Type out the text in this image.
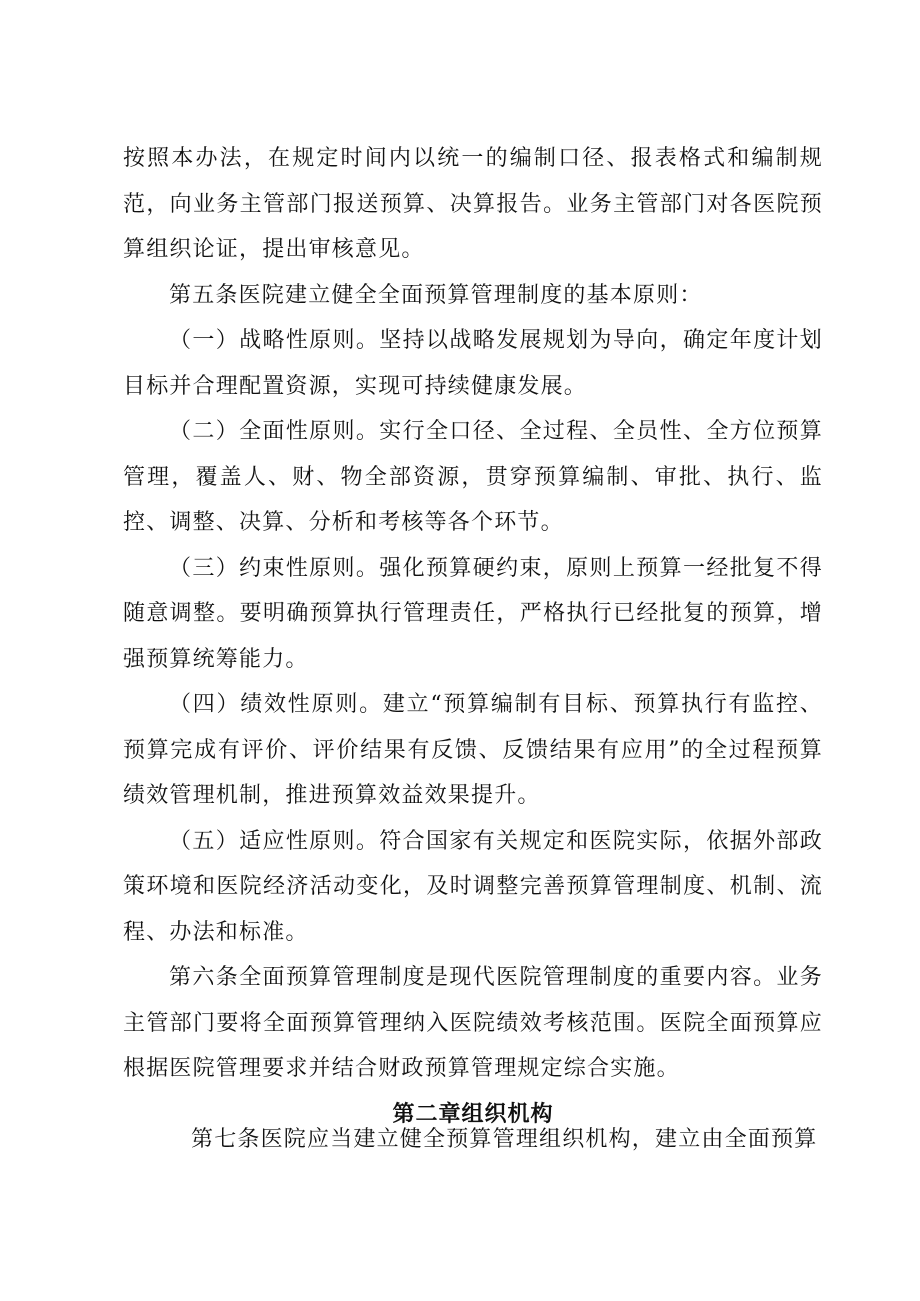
按照本办法，在规定时间内以统一的编制口径、报表格式和编制规范，向业务主管部门报送预算、决算报告。业务主管部门对各医院预算组织论证，提出审核意见。

第五条医院建立健全全面预算管理制度的基本原则：

（一）战略性原则。坚持以战略发展规划为导向，确定年度计划目标并合理配置资源，实现可持续健康发展。

（二）全面性原则。实行全口径、全过程、全员性、全方位预算管理，覆盖人、财、物全部资源，贯穿预算编制、审批、执行、监控、调整、决算、分析和考核等各个环节。

（三）约束性原则。强化预算硬约束，原则上预算一经批复不得随意调整。要明确预算执行管理责任，严格执行已经批复的预算，增强预算统筹能力。

（四）绩效性原则。建立“预算编制有目标、预算执行有监控、预算完成有评价、评价结果有反馈、反馈结果有应用”的全过程预算绩效管理机制，推进预算效益效果提升。

（五）适应性原则。符合国家有关规定和医院实际，依据外部政策环境和医院经济活动变化，及时调整完善预算管理制度、机制、流程、办法和标准。

第六条全面预算管理制度是现代医院管理制度的重要内容。业务主管部门要将全面预算管理纳入医院绩效考核范围。医院全面预算应根据医院管理要求并结合财政预算管理规定综合实施。

第二章组织机构

第七条医院应当建立健全预算管理组织机构，建立由全面预算
